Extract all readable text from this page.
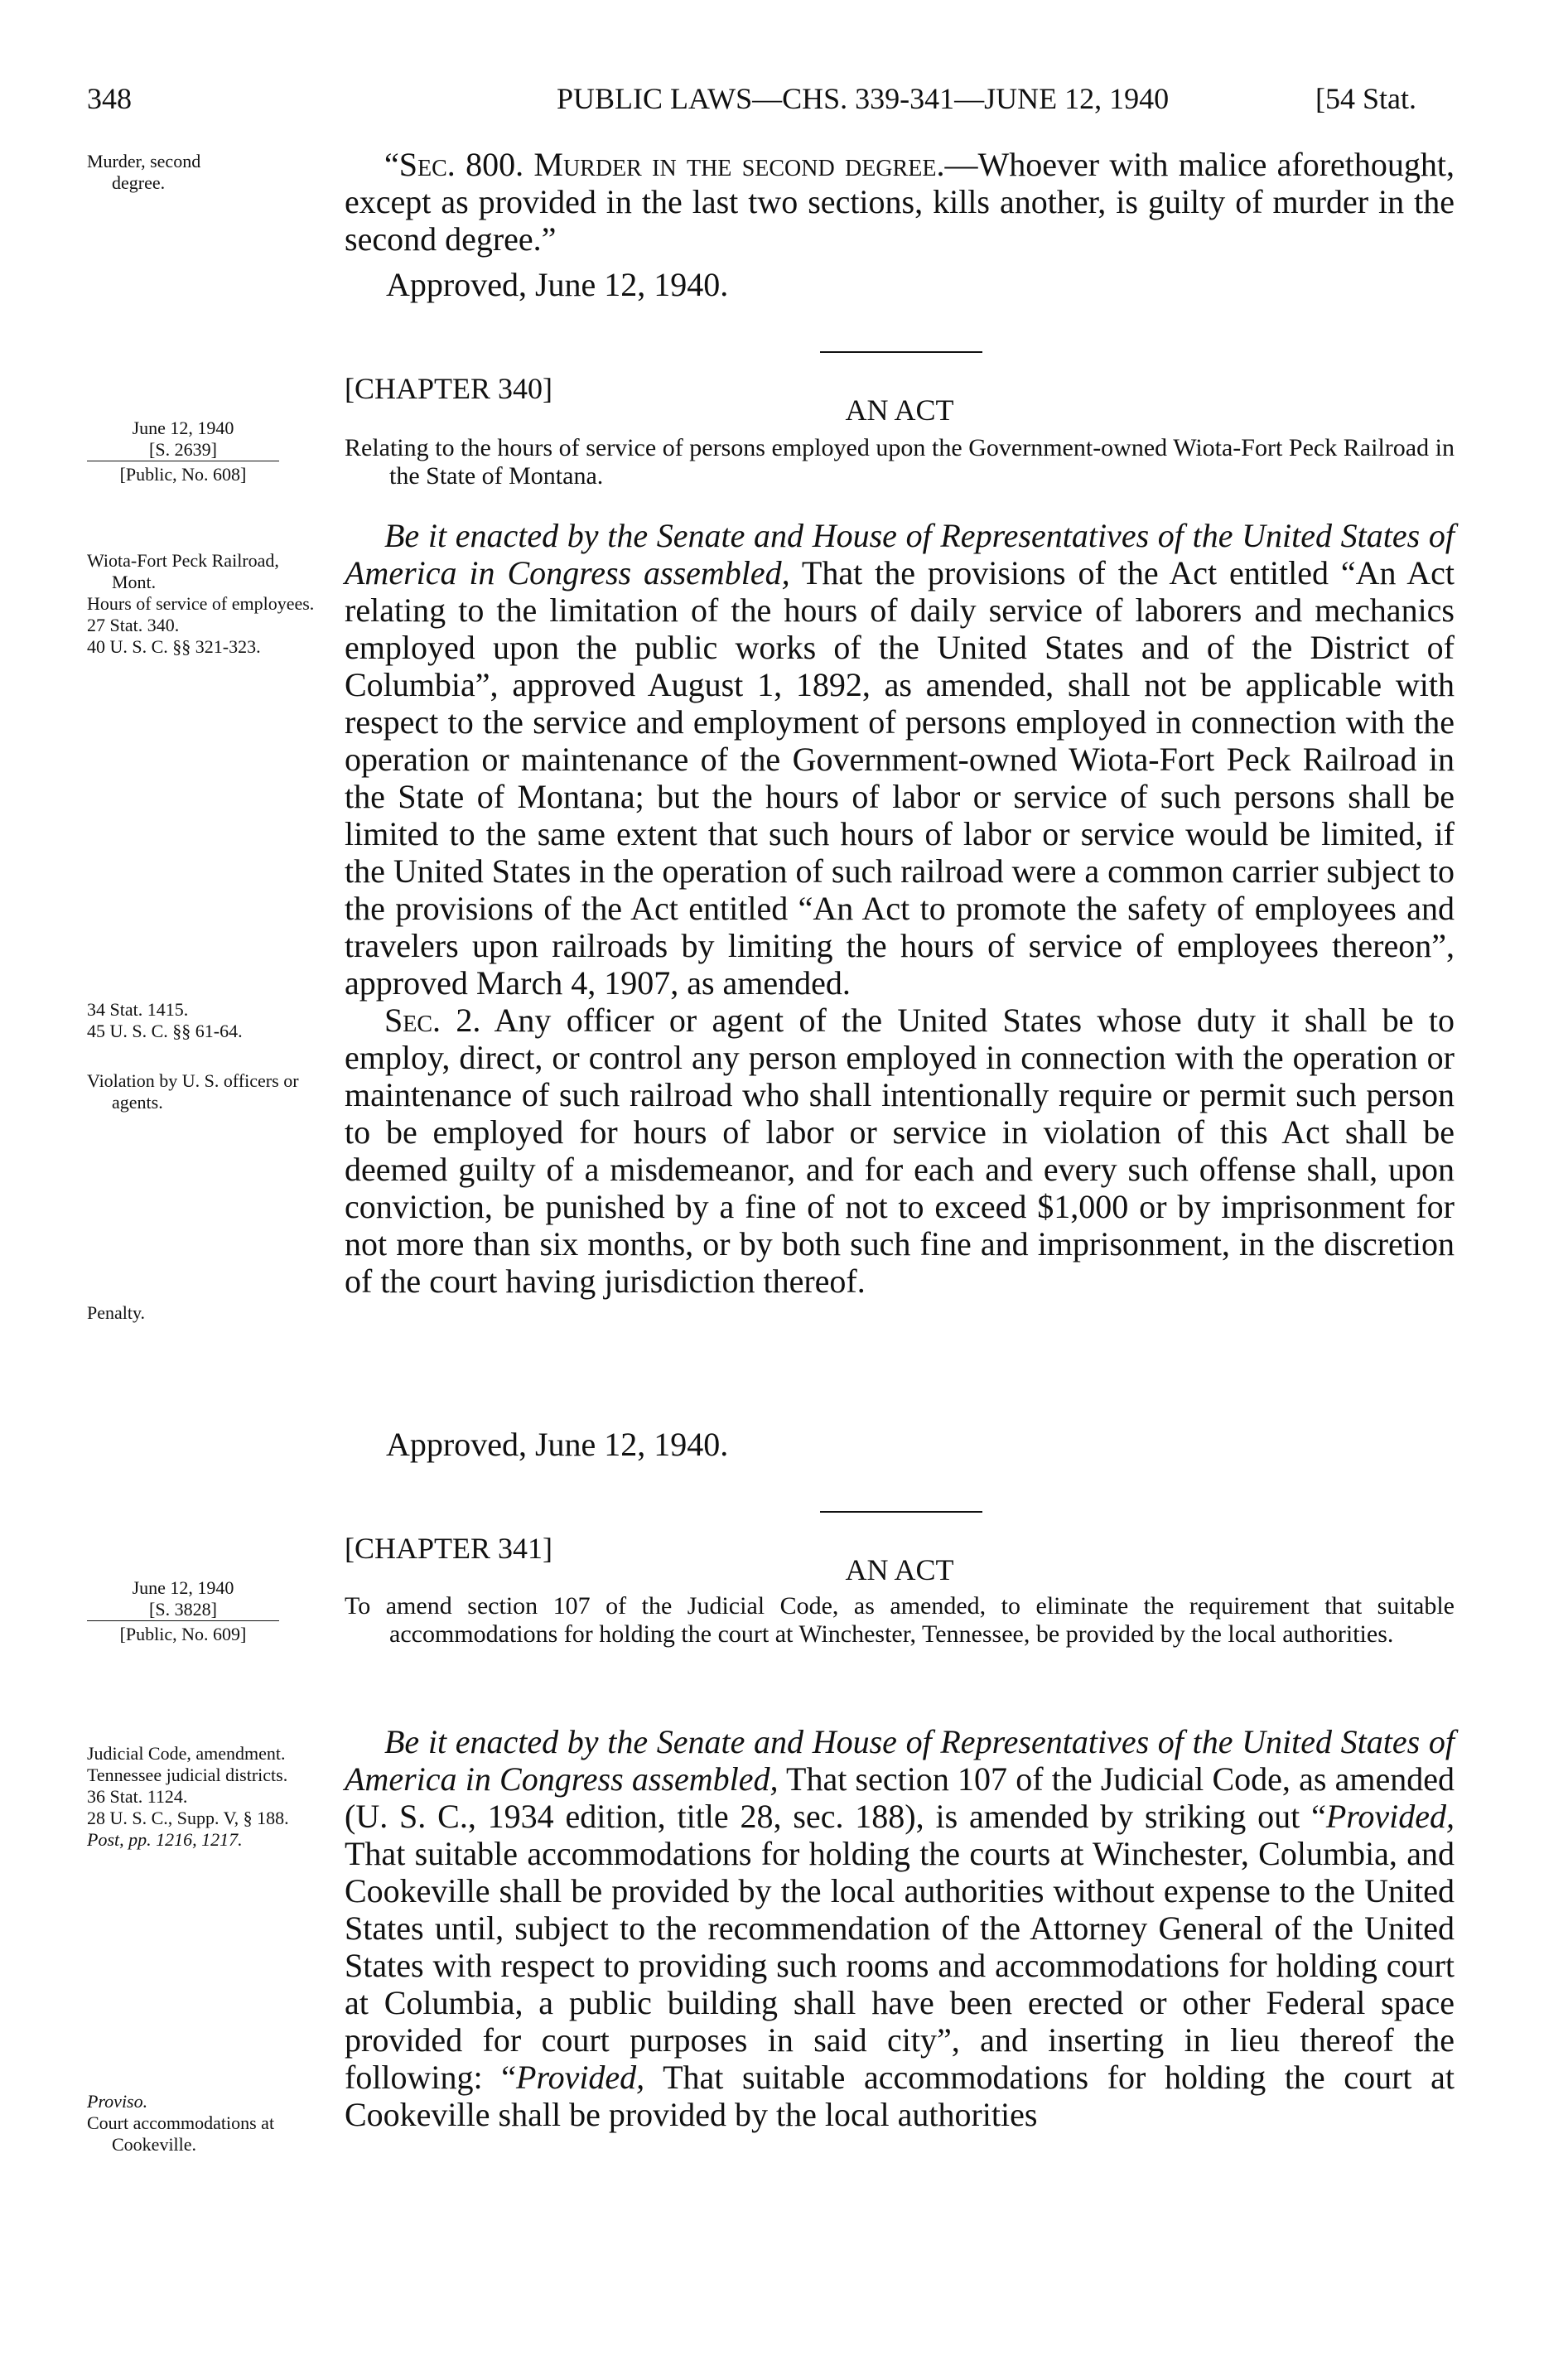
348	PUBLIC LAWS—CHS. 339-341—JUNE 12, 1940	[54 Stat.
Murder, second degree.	“Sec. 800. Murder in the second degree.—Whoever with malice aforethought, except as provided in the last two sections, kills another, is guilty of murder in the second degree.”

Approved, June 12, 1940.
[CHAPTER 340]
AN ACT
Relating to the hours of service of persons employed upon the Government-owned Wiota-Fort Peck Railroad in the State of Montana.
June 12, 1940
[S. 2639]
[Public, No. 608]
Wiota-Fort Peck Railroad, Mont.
Hours of service of employees.
27 Stat. 340.
40 U. S. C. §§ 321-323.
34 Stat. 1415.
45 U. S. C. §§ 61-64.
Violation by U. S. officers or agents.
Penalty.

Be it enacted by the Senate and House of Representatives of the United States of America in Congress assembled, That the provisions of the Act entitled “An Act relating to the limitation of the hours of daily service of laborers and mechanics employed upon the public works of the United States and of the District of Columbia”, approved August 1, 1892, as amended, shall not be applicable with respect to the service and employment of persons employed in connection with the operation or maintenance of the Government-owned Wiota-Fort Peck Railroad in the State of Montana; but the hours of labor or service of such persons shall be limited to the same extent that such hours of labor or service would be limited, if the United States in the operation of such railroad were a common carrier subject to the provisions of the Act entitled “An Act to promote the safety of employees and travelers upon railroads by limiting the hours of service of employees thereon”, approved March 4, 1907, as amended.

Sec. 2. Any officer or agent of the United States whose duty it shall be to employ, direct, or control any person employed in connection with the operation or maintenance of such railroad who shall intentionally require or permit such person to be employed for hours of labor or service in violation of this Act shall be deemed guilty of a misdemeanor, and for each and every such offense shall, upon conviction, be punished by a fine of not to exceed $1,000 or by imprisonment for not more than six months, or by both such fine and imprisonment, in the discretion of the court having jurisdiction thereof.

Approved, June 12, 1940.
[CHAPTER 341]
AN ACT
To amend section 107 of the Judicial Code, as amended, to eliminate the requirement that suitable accommodations for holding the court at Winchester, Tennessee, be provided by the local authorities.
June 12, 1940
[S. 3828]
[Public, No. 609]
Judicial Code, amendment.
Tennessee judicial districts.
36 Stat. 1124.
28 U. S. C., Supp. V, § 188.
Post, pp. 1216, 1217.
Proviso.
Court accommodations at Cookeville.

Be it enacted by the Senate and House of Representatives of the United States of America in Congress assembled, That section 107 of the Judicial Code, as amended (U. S. C., 1934 edition, title 28, sec. 188), is amended by striking out “Provided, That suitable accommodations for holding the courts at Winchester, Columbia, and Cookeville shall be provided by the local authorities without expense to the United States until, subject to the recommendation of the Attorney General of the United States with respect to providing such rooms and accommodations for holding court at Columbia, a public building shall have been erected or other Federal space provided for court purposes in said city”, and inserting in lieu thereof the following: “Provided, That suitable accommodations for holding the court at Cookeville shall be provided by the local authorities
